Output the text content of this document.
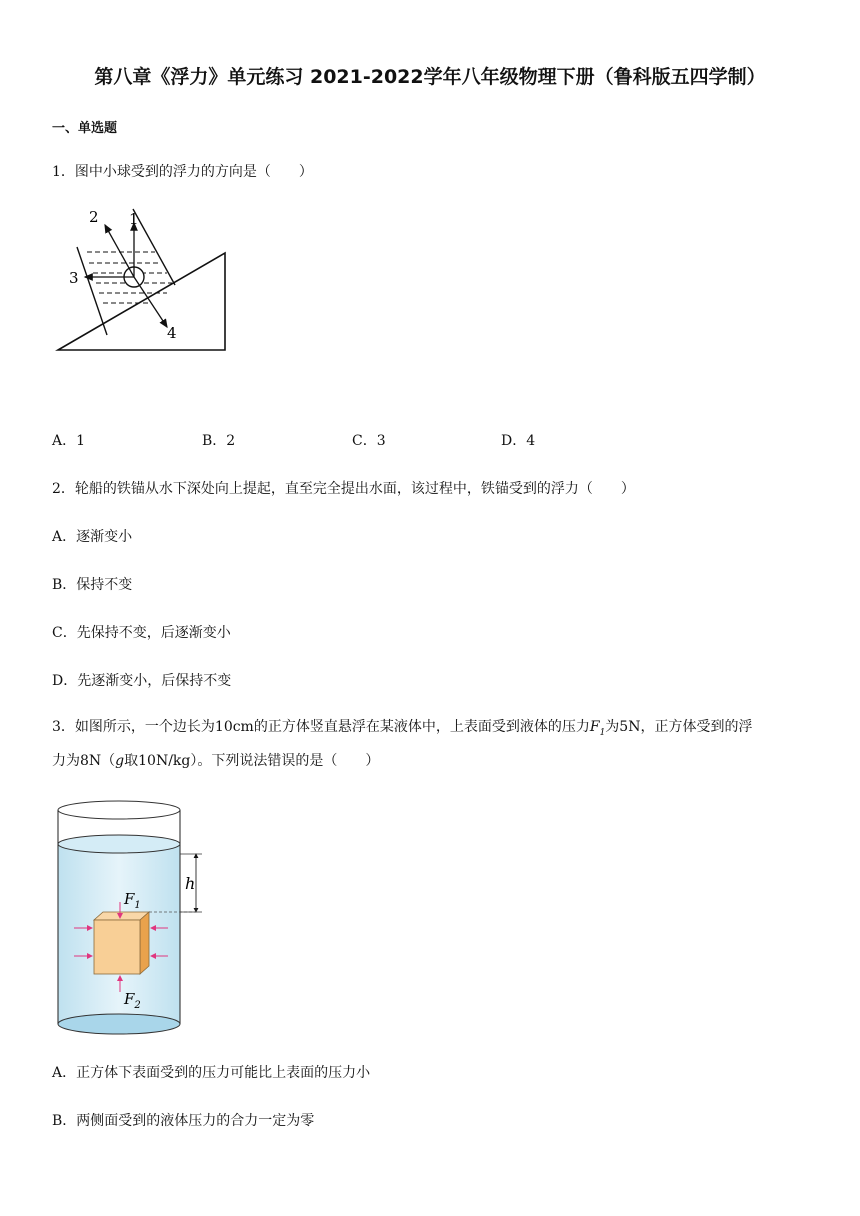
第八章《浮力》单元练习 2021-2022学年八年级物理下册（鲁科版五四学制）
一、单选题
1．图中小球受到的浮力的方向是（　　）
1
2
3
4
A．1	B．2	C．3	D．4
2．轮船的铁锚从水下深处向上提起，直至完全提出水面，该过程中，铁锚受到的浮力（　　）
A．逐渐变小
B．保持不变
C．先保持不变，后逐渐变小
D．先逐渐变小，后保持不变
3．如图所示，一个边长为10cm的正方体竖直悬浮在某液体中，上表面受到液体的压力$F_1$为5N，正方体受到的浮
力为8N（g取10N/kg）。下列说法错误的是（　　）
h
$F_1$
$F_2$
A．正方体下表面受到的压力可能比上表面的压力小
B．两侧面受到的液体压力的合力一定为零
